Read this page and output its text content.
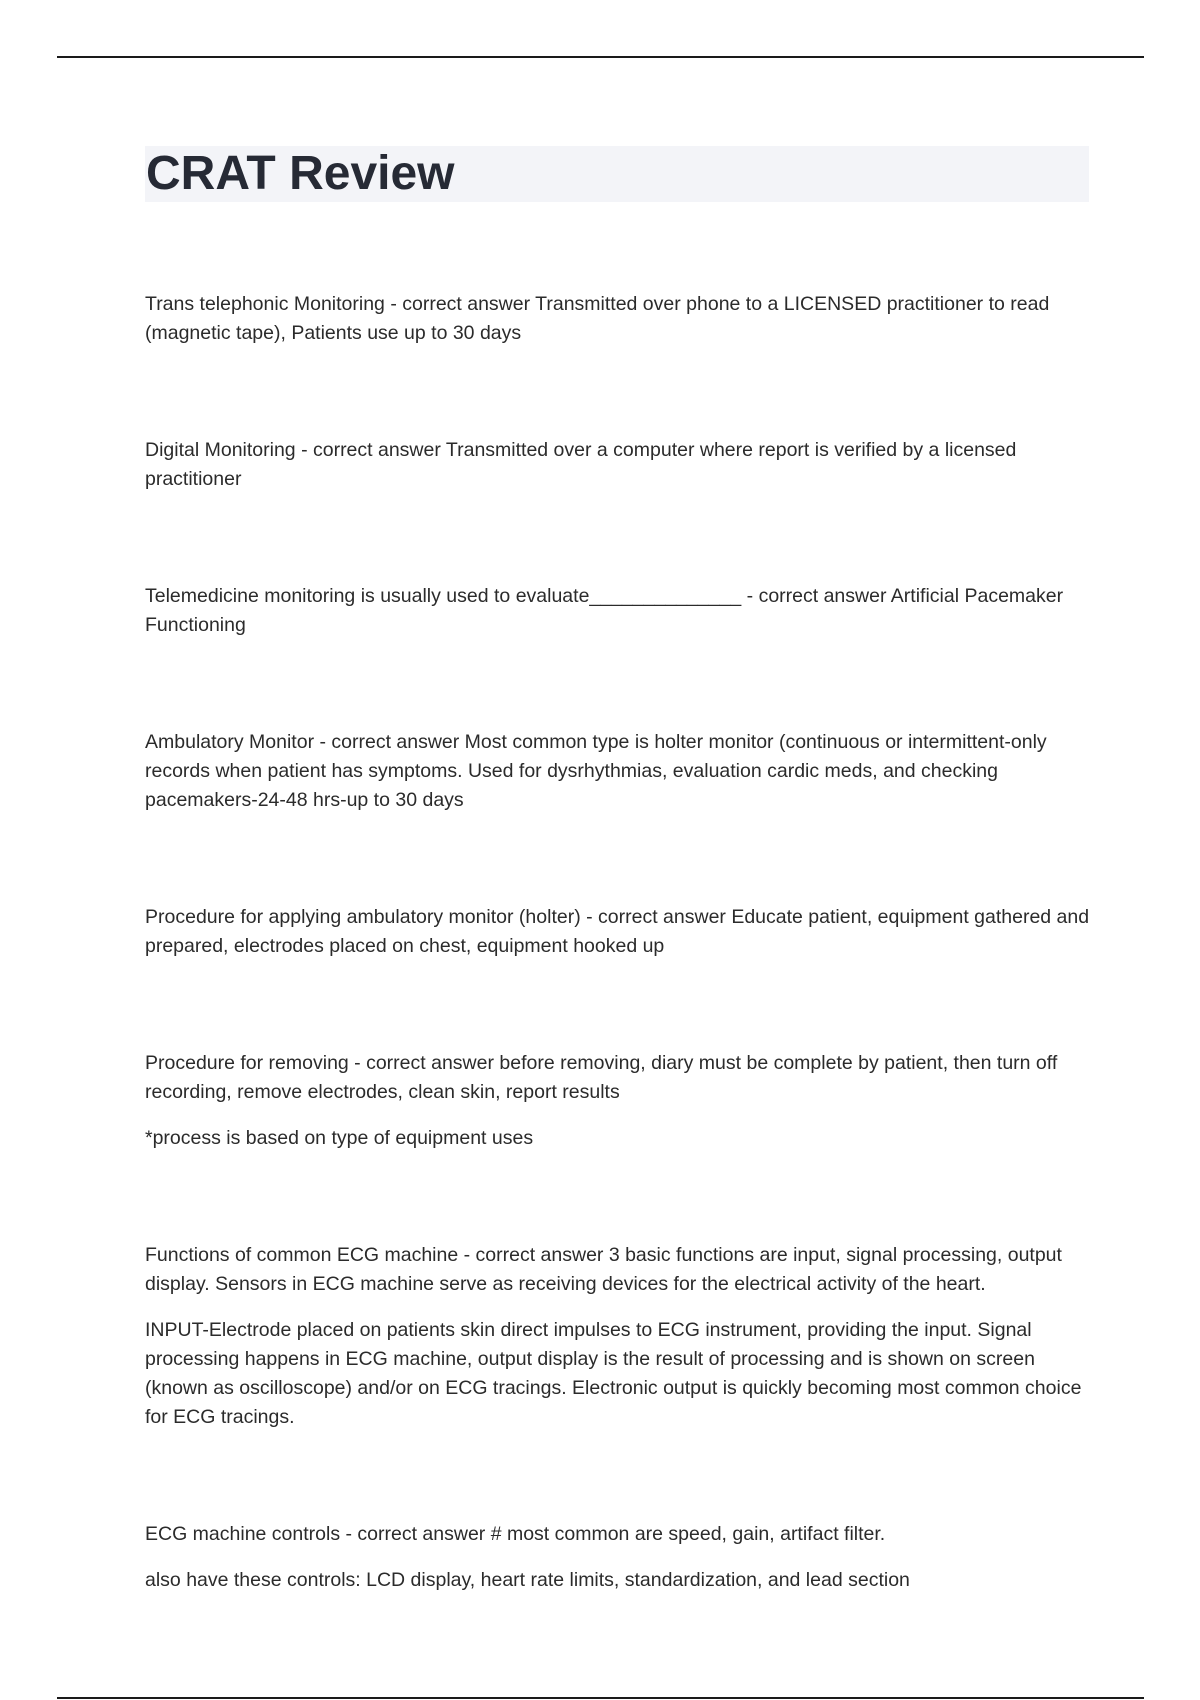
CRAT Review

Trans telephonic Monitoring - correct answer Transmitted over phone to a LICENSED practitioner to read (magnetic tape), Patients use up to 30 days

Digital Monitoring - correct answer Transmitted over a computer where report is verified by a licensed practitioner

Telemedicine monitoring is usually used to evaluate______________ - correct answer Artificial Pacemaker Functioning

Ambulatory Monitor - correct answer Most common type is holter monitor (continuous or intermittent-only records when patient has symptoms. Used for dysrhythmias, evaluation cardic meds, and checking pacemakers-24-48 hrs-up to 30 days

Procedure for applying ambulatory monitor (holter) - correct answer Educate patient, equipment gathered and prepared, electrodes placed on chest, equipment hooked up

Procedure for removing - correct answer before removing, diary must be complete by patient, then turn off recording, remove electrodes, clean skin, report results

*process is based on type of equipment uses

Functions of common ECG machine - correct answer 3 basic functions are input, signal processing, output display. Sensors in ECG machine serve as receiving devices for the electrical activity of the heart.

INPUT-Electrode placed on patients skin direct impulses to ECG instrument, providing the input. Signal processing happens in ECG machine, output display is the result of processing and is shown on screen (known as oscilloscope) and/or on ECG tracings. Electronic output is quickly becoming most common choice for ECG tracings.

ECG machine controls - correct answer # most common are speed, gain, artifact filter.

also have these controls: LCD display, heart rate limits, standardization, and lead section
